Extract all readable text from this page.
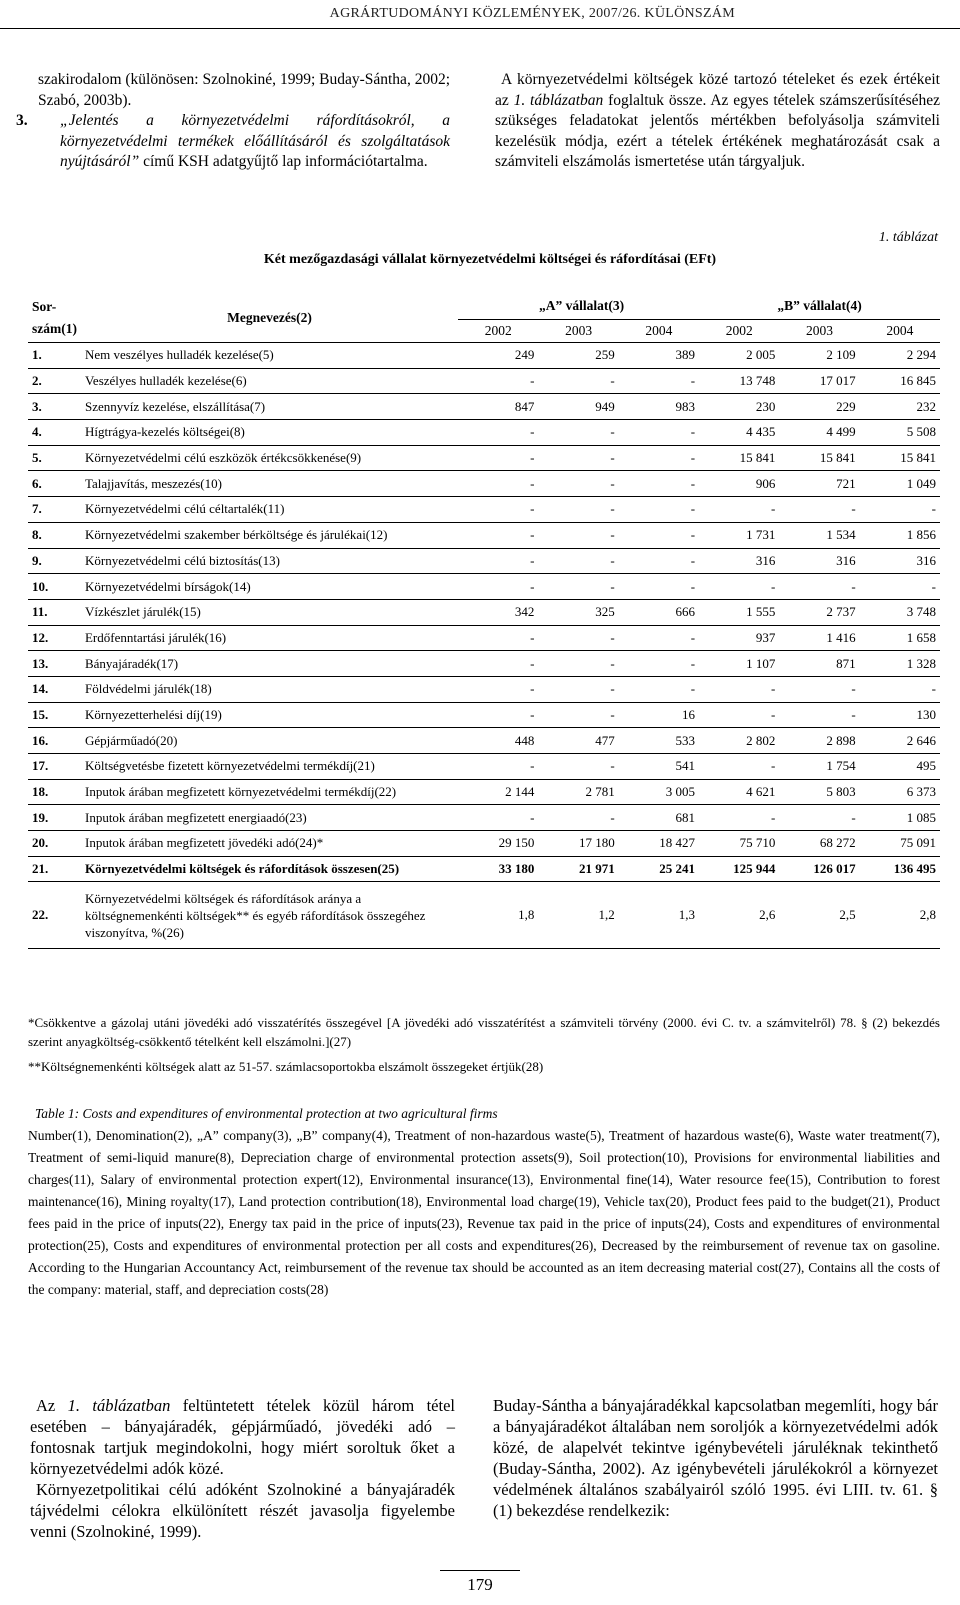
AGRÁRTUDOMÁNYI KÖZLEMÉNYEK, 2007/26. KÜLÖNSZÁM

szakirodalom (különösen: Szolnokiné, 1999; Buday-Sántha, 2002; Szabó, 2003b).

3. „Jelentés a környezetvédelmi ráfordításokról, a környezetvédelmi termékek előállításáról és szolgáltatások nyújtásáról” című KSH adatgyűjtő lap információtartalma.

A környezetvédelmi költségek közé tartozó tételeket és ezek értékeit az 1. táblázatban foglaltuk össze. Az egyes tételek számszerűsítéséhez szükséges feladatokat jelentős mértékben befolyásolja számviteli kezelésük módja, ezért a tételek értékének meghatározását csak a számviteli elszámolás ismertetése után tárgyaljuk.

1. táblázat
Két mezőgazdasági vállalat környezetvédelmi költségei és ráfordításai (EFt)
Sor-szám(1)	Megnevezés(2)	„A” vállalat(3)			„B” vállalat(4)		
		2002	2003	2004	2002	2003	2004
1.	Nem veszélyes hulladék kezelése(5)	249	259	389	2 005	2 109	2 294
2.	Veszélyes hulladék kezelése(6)	-	-	-	13 748	17 017	16 845
3.	Szennyvíz kezelése, elszállítása(7)	847	949	983	230	229	232
4.	Hígtrágya-kezelés költségei(8)	-	-	-	4 435	4 499	5 508
5.	Környezetvédelmi célú eszközök értékcsökkenése(9)	-	-	-	15 841	15 841	15 841
6.	Talajjavítás, meszezés(10)	-	-	-	906	721	1 049
7.	Környezetvédelmi célú céltartalék(11)	-	-	-	-	-	-
8.	Környezetvédelmi szakember bérköltsége és járulékai(12)	-	-	-	1 731	1 534	1 856
9.	Környezetvédelmi célú biztosítás(13)	-	-	-	316	316	316
10.	Környezetvédelmi bírságok(14)	-	-	-	-	-	-
11.	Vízkészlet járulék(15)	342	325	666	1 555	2 737	3 748
12.	Erdőfenntartási járulék(16)	-	-	-	937	1 416	1 658
13.	Bányajáradék(17)	-	-	-	1 107	871	1 328
14.	Földvédelmi járulék(18)	-	-	-	-	-	-
15.	Környezetterhelési díj(19)	-	-	16	-	-	130
16.	Gépjárműadó(20)	448	477	533	2 802	2 898	2 646
17.	Költségvetésbe fizetett környezetvédelmi termékdíj(21)	-	-	541	-	1 754	495
18.	Inputok árában megfizetett környezetvédelmi termékdíj(22)	2 144	2 781	3 005	4 621	5 803	6 373
19.	Inputok árában megfizetett energiaadó(23)	-	-	681	-	-	1 085
20.	Inputok árában megfizetett jövedéki adó(24)*	29 150	17 180	18 427	75 710	68 272	75 091
21.	Környezetvédelmi költségek és ráfordítások összesen(25)	33 180	21 971	25 241	125 944	126 017	136 495
22.	Környezetvédelmi költségek és ráfordítások aránya a költségnemenkénti költségek** és egyéb ráfordítások összegéhez viszonyítva, %(26)	1,8	1,2	1,3	2,6	2,5	2,8
*Csökkentve a gázolaj utáni jövedéki adó visszatérítés összegével [A jövedéki adó visszatérítést a számviteli törvény (2000. évi C. tv. a számvitelről) 78. § (2) bekezdés szerint anyagköltség-csökkentő tételként kell elszámolni.](27)
**Költségnemenkénti költségek alatt az 51-57. számlacsoportokba elszámolt összegeket értjük(28)
Table 1: Costs and expenditures of environmental protection at two agricultural firms
Number(1), Denomination(2), „A” company(3), „B” company(4), Treatment of non-hazardous waste(5), Treatment of hazardous waste(6), Waste water treatment(7), Treatment of semi-liquid manure(8), Depreciation charge of environmental protection assets(9), Soil protection(10), Provisions for environmental liabilities and charges(11), Salary of environmental protection expert(12), Environmental insurance(13), Environmental fine(14), Water resource fee(15), Contribution to forest maintenance(16), Mining royalty(17), Land protection contribution(18), Environmental load charge(19), Vehicle tax(20), Product fees paid to the budget(21), Product fees paid in the price of inputs(22), Energy tax paid in the price of inputs(23), Revenue tax paid in the price of inputs(24), Costs and expenditures of environmental protection(25), Costs and expenditures of environmental protection per all costs and expenditures(26), Decreased by the reimbursement of revenue tax on gasoline. According to the Hungarian Accountancy Act, reimbursement of the revenue tax should be accounted as an item decreasing material cost(27), Contains all the costs of the company: material, staff, and depreciation costs(28)

Az 1. táblázatban feltüntetett tételek közül három tétel esetében – bányajáradék, gépjárműadó, jövedéki adó – fontosnak tartjuk megindokolni, hogy miért soroltuk őket a környezetvédelmi adók közé.

Környezetpolitikai célú adóként Szolnokiné a bányajáradék tájvédelmi célokra elkülönített részét javasolja figyelembe venni (Szolnokiné, 1999).

Buday-Sántha a bányajáradékkal kapcsolatban megemlíti, hogy bár a bányajáradékot általában nem soroljók a környezetvédelmi adók közé, de alapelvét tekintve igénybevételi járuléknak tekinthető (Buday-Sántha, 2002). Az igénybevételi járulékokról a környezet védelmének általános szabályairól szóló 1995. évi LIII. tv. 61. § (1) bekezdése rendelkezik:

179
